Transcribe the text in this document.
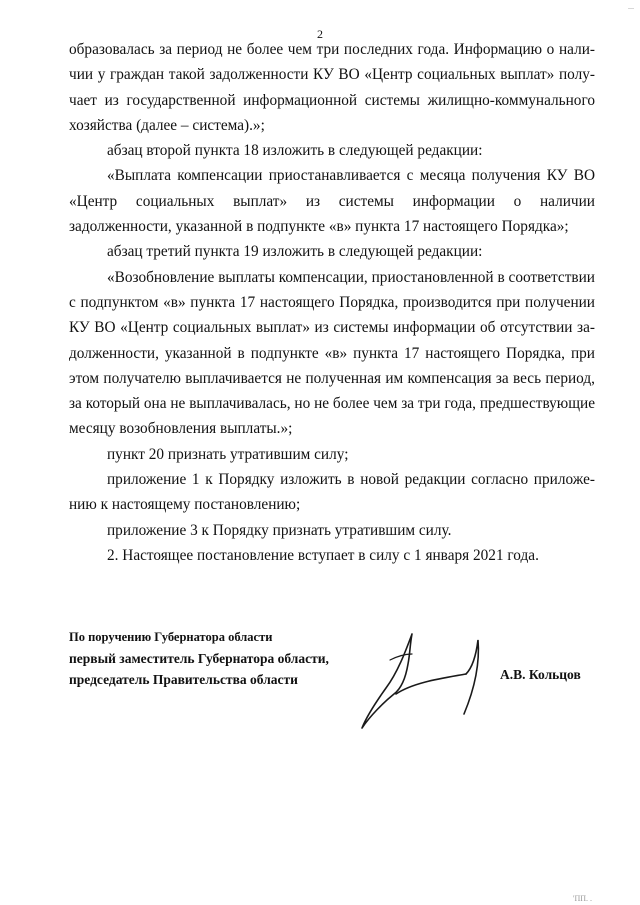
...

2

образовалась за период не более чем три последних года. Информацию о наличии у граждан такой задолженности КУ ВО «Центр социальных выплат» получает из государственной информационной системы жилищно-коммунального хозяйства (далее – система).»;

абзац второй пункта 18 изложить в следующей редакции:

«Выплата компенсации приостанавливается с месяца получения КУ ВО «Центр социальных выплат» из системы информации о наличии задолженности, указанной в подпункте «в» пункта 17 настоящего Порядка»;

абзац третий пункта 19 изложить в следующей редакции:

«Возобновление выплаты компенсации, приостановленной в соответствии с подпунктом «в» пункта 17 настоящего Порядка, производится при получении КУ ВО «Центр социальных выплат» из системы информации об отсутствии задолженности, указанной в подпункте «в» пункта 17 настоящего Порядка, при этом получателю выплачивается не полученная им компенсация за весь период, за который она не выплачивалась, но не более чем за три года, предшествующие месяцу возобновления выплаты.»;

пункт 20 признать утратившим силу;

приложение 1 к Порядку изложить в новой редакции согласно приложению к настоящему постановлению;

приложение 3 к Порядку признать утратившим силу.

2. Настоящее постановление вступает в силу с 1 января 2021 года.

По поручению Губернатора области
первый заместитель Губернатора области,
председатель Правительства области	А.В. Кольцов

'ПП. .
